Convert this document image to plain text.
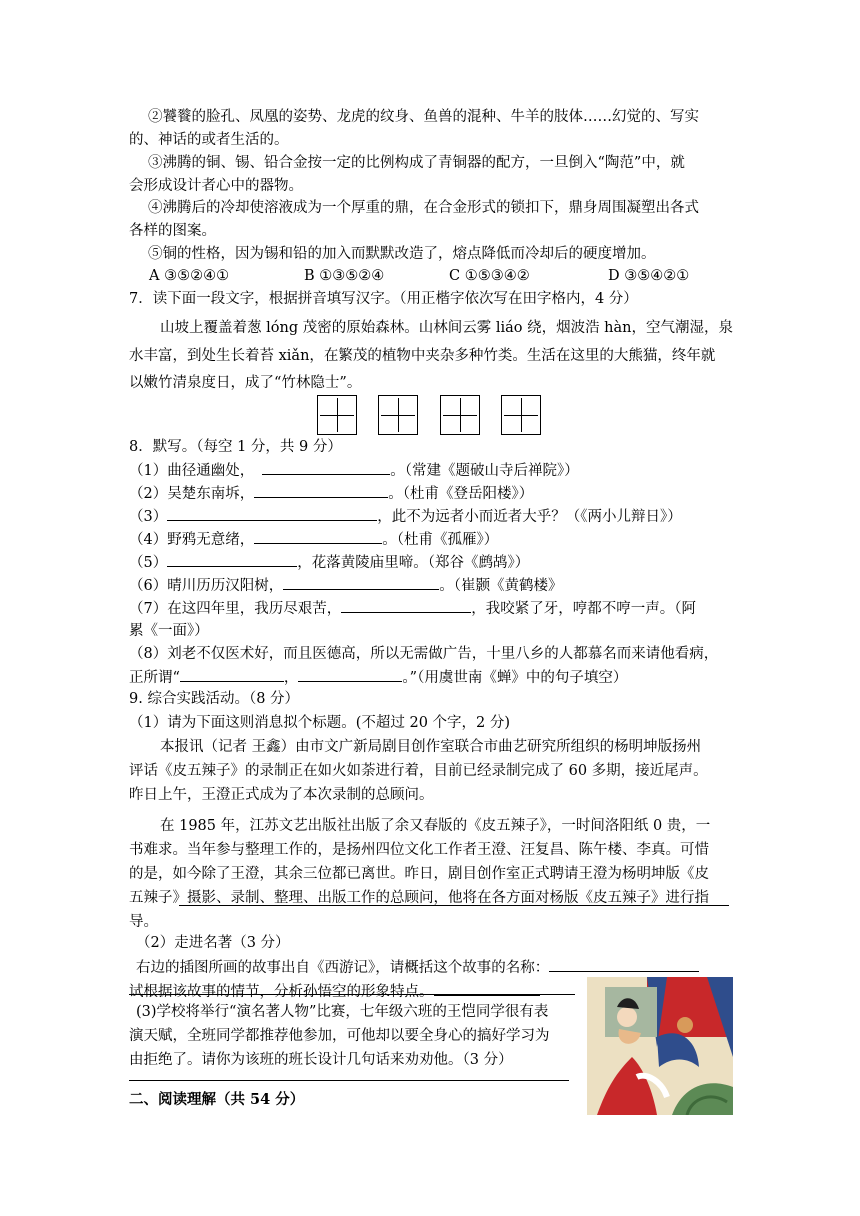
②饕餮的脸孔、凤凰的姿势、龙虎的纹身、鱼兽的混种、牛羊的肢体……幻觉的、写实
的、神话的或者生活的。
③沸腾的铜、锡、铅合金按一定的比例构成了青铜器的配方，一旦倒入“陶范”中，就
会形成设计者心中的器物。
④沸腾后的冷却使溶液成为一个厚重的鼎，在合金形式的锁扣下，鼎身周围凝塑出各式
各样的图案。
⑤铜的性格，因为锡和铅的加入而默默改造了，熔点降低而冷却后的硬度增加。
A ③⑤②④①	B ①③⑤②④	C ①⑤③④②	D ③⑤④②①
7．读下面一段文字，根据拼音填写汉字。（用正楷字依次写在田字格内，4 分）
山坡上覆盖着葱 lóng 茂密的原始森林。山林间云雾 liáo 绕，烟波浩 hàn，空气潮湿，泉
水丰富，到处生长着苔 xiǎn，在繁茂的植物中夹杂多种竹类。生活在这里的大熊猫，终年就
以嫩竹清泉度日，成了“竹林隐士”。
8．默写。（每空 1 分，共 9 分）
（1）曲径通幽处，	。（常建《题破山寺后禅院》）
（2）吴楚东南坼，	。（杜甫《登岳阳楼》）
（3）	，此不为远者小而近者大乎？（《两小儿辩日》）
（4）野鸦无意绪，	。（杜甫《孤雁》）
（5）	，花落黄陵庙里啼。（郑谷《鹧鸪》）
（6）晴川历历汉阳树，	。（崔颢《黄鹤楼》
（7）在这四年里，我历尽艰苦，	，我咬紧了牙，哼都不哼一声。（阿
累《一面》）
（8）刘老不仅医术好，而且医德高，所以无需做广告，十里八乡的人都慕名而来请他看病，
正所谓“	，	。”（用虞世南《蝉》中的句子填空）
9. 综合实践活动。（8 分）
（1）请为下面这则消息拟个标题。(不超过 20 个字，2 分)
本报讯（记者 王鑫）由市文广新局剧目创作室联合市曲艺研究所组织的杨明坤版扬州
评话《皮五辣子》的录制正在如火如荼进行着，目前已经录制完成了 60 多期，接近尾声。
昨日上午，王澄正式成为了本次录制的总顾问。
在 1985 年，江苏文艺出版社出版了余又春版的《皮五辣子》，一时间洛阳纸 0 贵，一
书难求。当年参与整理工作的，是扬州四位文化工作者王澄、汪复昌、陈午楼、李真。可惜
的是，如今除了王澄，其余三位都已离世。昨日，剧目创作室正式聘请王澄为杨明坤版《皮
五辣子》摄影、录制、整理、出版工作的总顾问，他将在各方面对杨版《皮五辣子》进行指
导。
（2）走进名著（3 分）
右边的插图所画的故事出自《西游记》，请概括这个故事的名称：
试根据该故事的情节，分析孙悟空的形象特点。
(3)学校将举行“演名著人物”比赛，七年级六班的王恺同学很有表
演天赋，全班同学都推荐他参加，可他却以要全身心的搞好学习为
由拒绝了。请你为该班的班长设计几句话来劝劝他。（3 分）
二、阅读理解（共 54 分）
